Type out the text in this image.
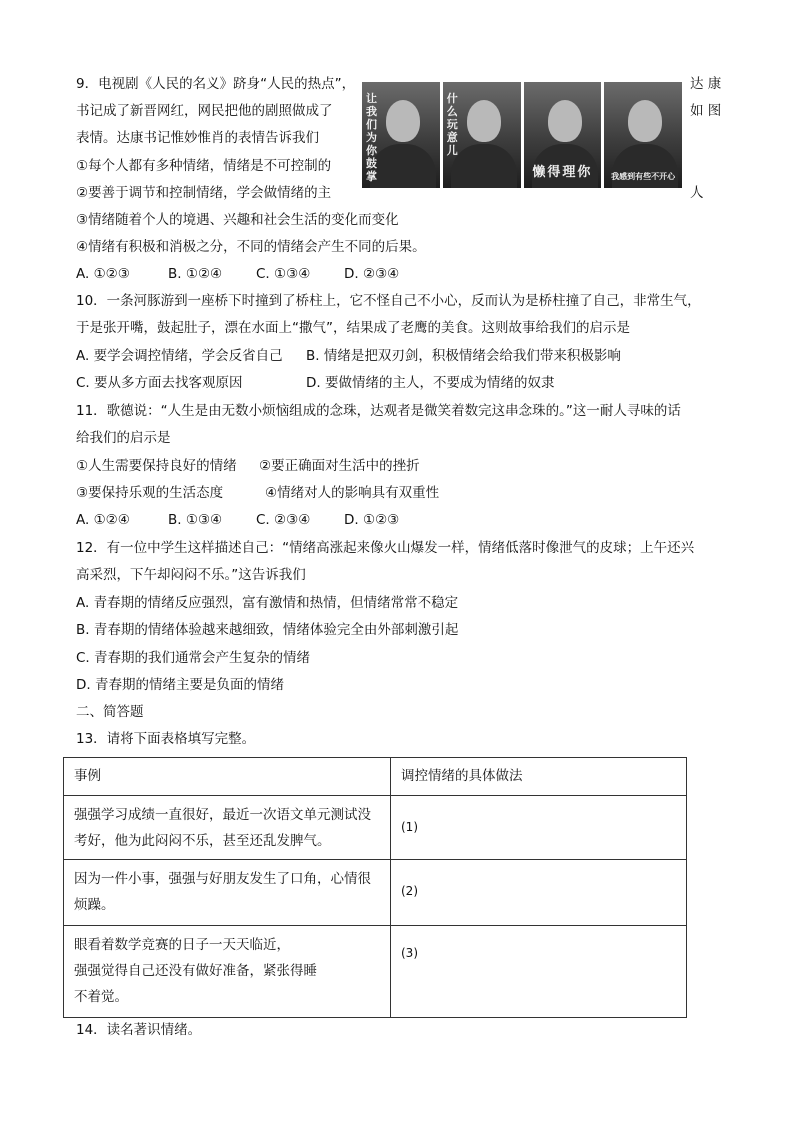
9．电视剧《人民的名义》跻身“人民的热点”，	达 康
书记成了新晋网红，网民把他的剧照做成了	如 图
表情。达康书记惟妙惟肖的表情告诉我们
①每个人都有多种情绪，情绪是不可控制的
②要善于调节和控制情绪，学会做情绪的主	人
③情绪随着个人的境遇、兴趣和社会生活的变化而变化
④情绪有积极和消极之分，不同的情绪会产生不同的后果。
A. ①②③	B. ①②④	C. ①③④ D. ②③④
让我们为你鼓掌
什么玩意儿
懒得理你	我感到有些不开心
10．一条河豚游到一座桥下时撞到了桥柱上，它不怪自己不小心，反而认为是桥柱撞了自己，非常生气，
于是张开嘴，鼓起肚子，漂在水面上“撒气”，结果成了老鹰的美食。这则故事给我们的启示是
A. 要学会调控情绪，学会反省自己 B. 情绪是把双刃剑，积极情绪会给我们带来积极影响
C. 要从多方面去找客观原因	D. 要做情绪的主人，不要成为情绪的奴隶
11．歌德说：“人生是由无数小烦恼组成的念珠，达观者是微笑着数完这串念珠的。”这一耐人寻味的话
给我们的启示是
①人生需要保持良好的情绪 ②要正确面对生活中的挫折
③要保持乐观的生活态度	④情绪对人的影响具有双重性
A. ①②④	B. ①③④	C. ②③④ D. ①②③
12．有一位中学生这样描述自己：“情绪高涨起来像火山爆发一样，情绪低落时像泄气的皮球；上午还兴
高采烈，下午却闷闷不乐。”这告诉我们
A. 青春期的情绪反应强烈，富有激情和热情，但情绪常常不稳定
B. 青春期的情绪体验越来越细致，情绪体验完全由外部刺激引起
C. 青春期的我们通常会产生复杂的情绪
D. 青春期的情绪主要是负面的情绪
二、简答题
13．请将下面表格填写完整。
事例	调控情绪的具体做法

强强学习成绩一直很好，最近一次语文单元测试没考好，他为此闷闷不乐，甚至还乱发脾气。	(1)

因为一件小事，强强与好朋友发生了口角，心情很烦躁。	(2)

眼看着数学竞赛的日子一天天临近，
强强觉得自己还没有做好准备，紧张得睡
不着觉。	(3)
14．读名著识情绪。
